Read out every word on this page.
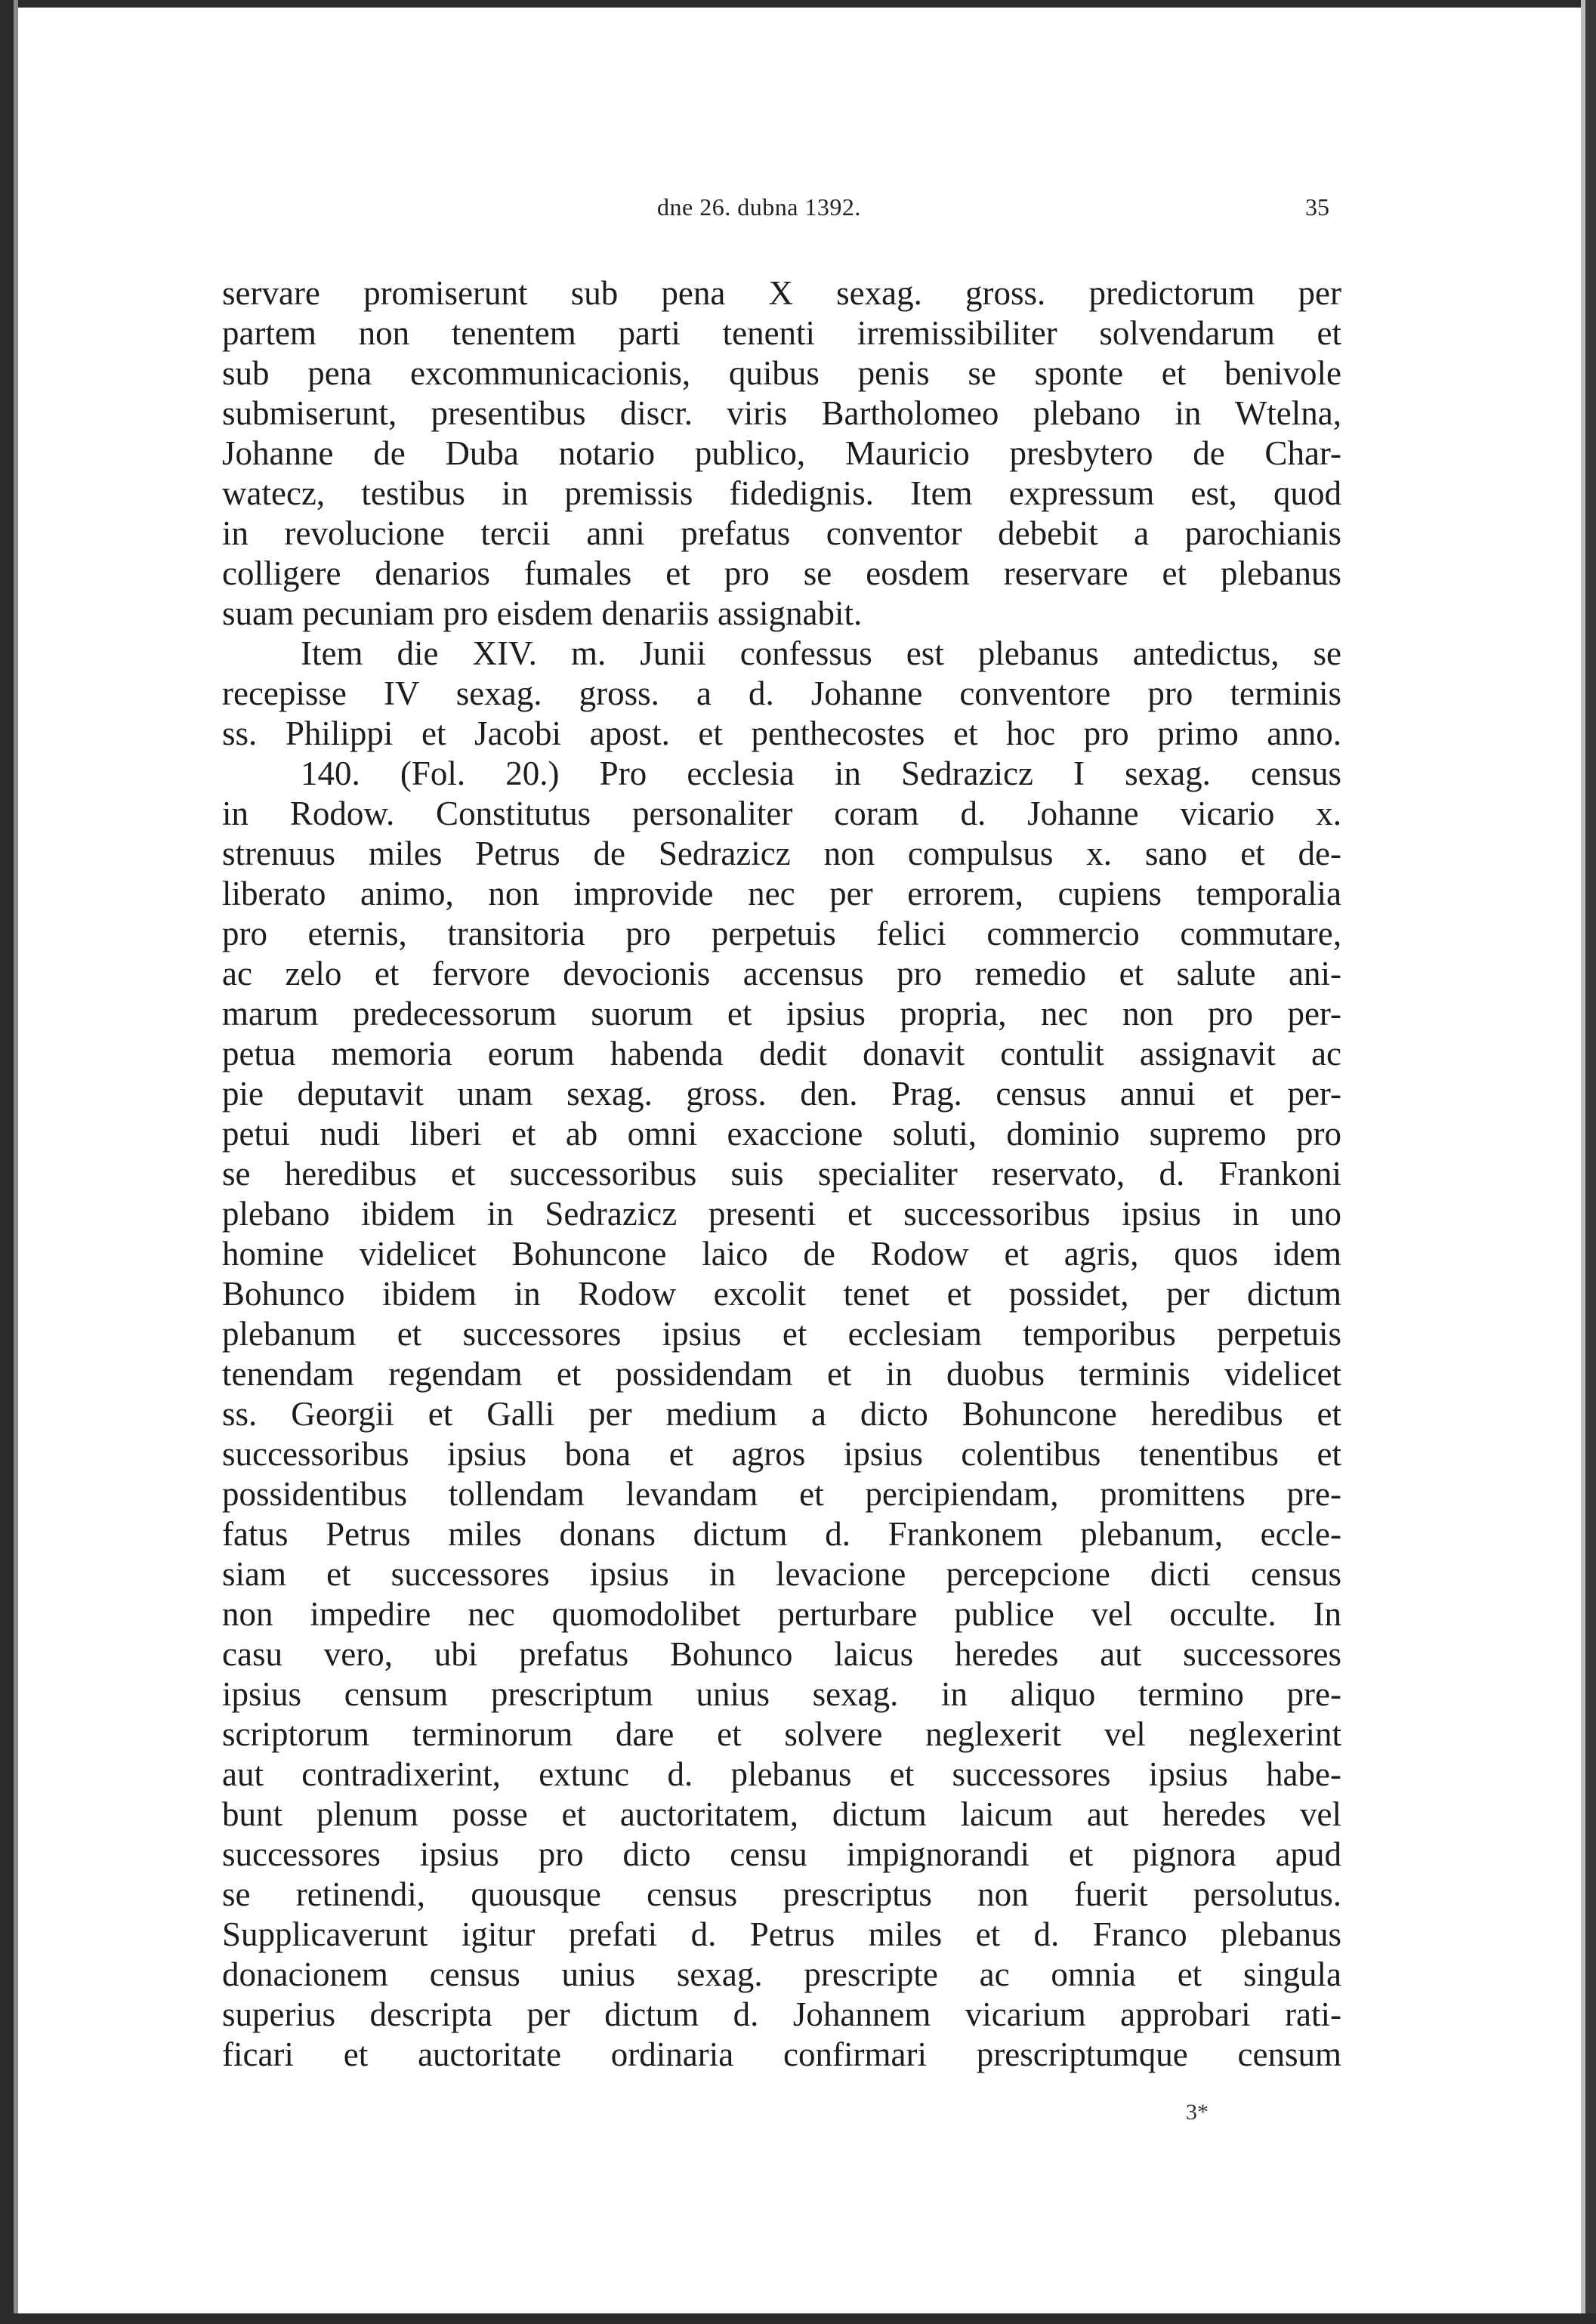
dne 26. dubna 1392.	35
servare promiserunt sub pena X sexag. gross. predictorum per
partem non tenentem parti tenenti irremissibiliter solvendarum et
sub pena excommunicacionis, quibus penis se sponte et benivole
submiserunt, presentibus discr. viris Bartholomeo plebano in Wtelna,
Johanne de Duba notario publico, Mauricio presbytero de Char-
watecz, testibus in premissis fidedignis. Item expressum est, quod
in revolucione tercii anni prefatus conventor debebit a parochianis
colligere denarios fumales et pro se eosdem reservare et plebanus
suam pecuniam pro eisdem denariis assignabit.
Item die XIV. m. Junii confessus est plebanus antedictus, se
recepisse IV sexag. gross. a d. Johanne conventore pro terminis
ss. Philippi et Jacobi apost. et penthecostes et hoc pro primo anno.
140. (Fol. 20.) Pro ecclesia in Sedrazicz I sexag. census
in Rodow. Constitutus personaliter coram d. Johanne vicario x.
strenuus miles Petrus de Sedrazicz non compulsus x. sano et de-
liberato animo, non improvide nec per errorem, cupiens temporalia
pro eternis, transitoria pro perpetuis felici commercio commutare,
ac zelo et fervore devocionis accensus pro remedio et salute ani-
marum predecessorum suorum et ipsius propria, nec non pro per-
petua memoria eorum habenda dedit donavit contulit assignavit ac
pie deputavit unam sexag. gross. den. Prag. census annui et per-
petui nudi liberi et ab omni exaccione soluti, dominio supremo pro
se heredibus et successoribus suis specialiter reservato, d. Frankoni
plebano ibidem in Sedrazicz presenti et successoribus ipsius in uno
homine videlicet Bohuncone laico de Rodow et agris, quos idem
Bohunco ibidem in Rodow excolit tenet et possidet, per dictum
plebanum et successores ipsius et ecclesiam temporibus perpetuis
tenendam regendam et possidendam et in duobus terminis videlicet
ss. Georgii et Galli per medium a dicto Bohuncone heredibus et
successoribus ipsius bona et agros ipsius colentibus tenentibus et
possidentibus tollendam levandam et percipiendam, promittens pre-
fatus Petrus miles donans dictum d. Frankonem plebanum, eccle-
siam et successores ipsius in levacione percepcione dicti census
non impedire nec quomodolibet perturbare publice vel occulte. In
casu vero, ubi prefatus Bohunco laicus heredes aut successores
ipsius censum prescriptum unius sexag. in aliquo termino pre-
scriptorum terminorum dare et solvere neglexerit vel neglexerint
aut contradixerint, extunc d. plebanus et successores ipsius habe-
bunt plenum posse et auctoritatem, dictum laicum aut heredes vel
successores ipsius pro dicto censu impignorandi et pignora apud
se retinendi, quousque census prescriptus non fuerit persolutus.
Supplicaverunt igitur prefati d. Petrus miles et d. Franco plebanus
donacionem census unius sexag. prescripte ac omnia et singula
superius descripta per dictum d. Johannem vicarium approbari rati-
ficari et auctoritate ordinaria confirmari prescriptumque censum
3*
